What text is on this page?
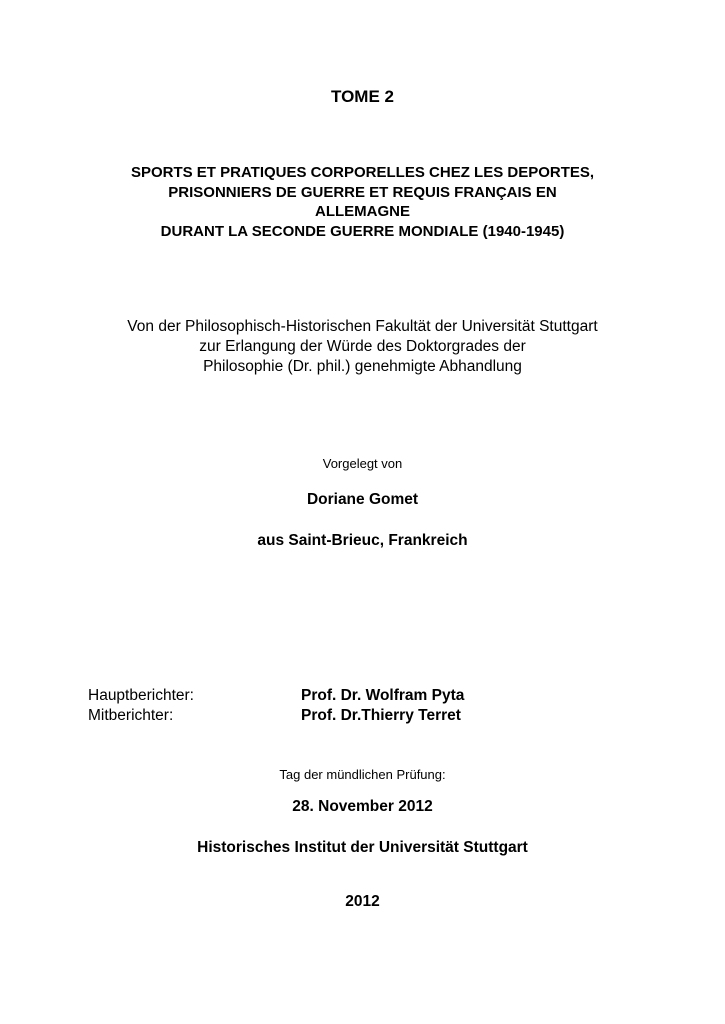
TOME 2
SPORTS ET PRATIQUES CORPORELLES CHEZ LES DEPORTES,
PRISONNIERS DE GUERRE ET REQUIS FRANÇAIS EN
ALLEMAGNE
DURANT LA SECONDE GUERRE MONDIALE (1940-1945)
Von der Philosophisch-Historischen Fakultät der Universität Stuttgart
zur Erlangung der Würde des Doktorgrades der
Philosophie (Dr. phil.) genehmigte Abhandlung
Vorgelegt von
Doriane Gomet
aus Saint-Brieuc, Frankreich
Hauptberichter:	Prof. Dr. Wolfram Pyta
Mitberichter:	Prof. Dr.Thierry Terret
Tag der mündlichen Prüfung:
28. November 2012
Historisches Institut der Universität Stuttgart
2012
